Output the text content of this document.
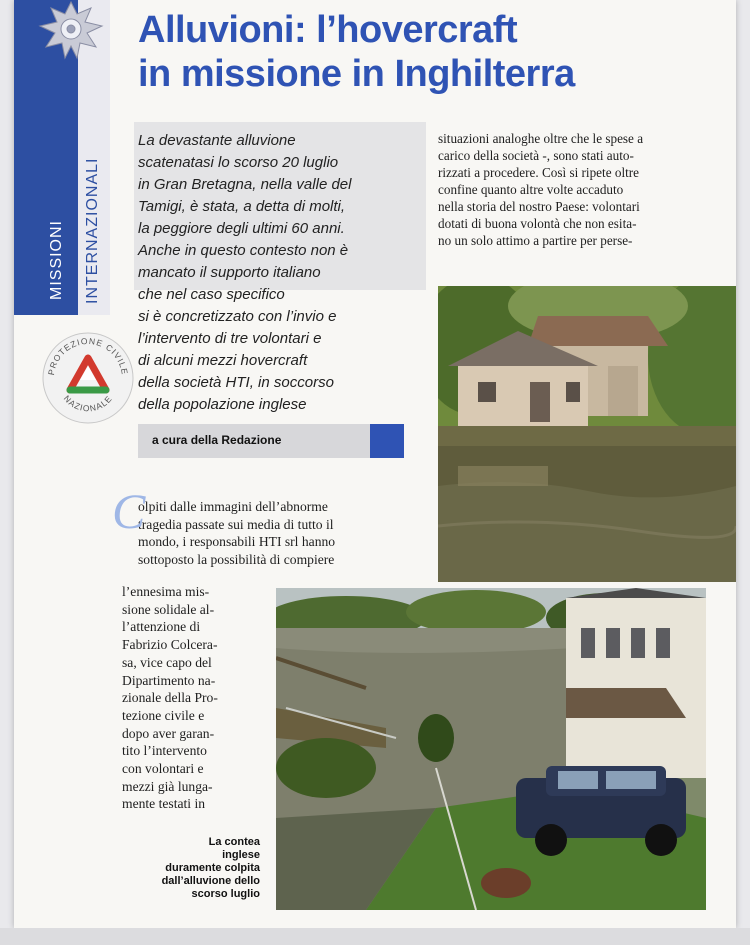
MISSIONI INTERNAZIONALI
Alluvioni: l’hovercraft
in missione in Inghilterra
La devastante alluvione
scatenatasi lo scorso 20 luglio
in Gran Bretagna, nella valle del
Tamigi, è stata, a detta di molti,
la peggiore degli ultimi 60 anni.
Anche in questo contesto non è
mancato il supporto italiano
che nel caso specifico
si è concretizzato con l’invio e
l’intervento di tre volontari e
di alcuni mezzi hovercraft
della società HTI, in soccorso
della popolazione inglese
PROTEZIONE CIVILE
NAZIONALE
a cura della Redazione
situazioni analoghe oltre che le spese a
carico della società -, sono stati auto-
rizzati a procedere. Così si ripete oltre
confine quanto altre volte accaduto
nella storia del nostro Paese: volontari
dotati di buona volontà che non esita-
no un solo attimo a partire per perse-
olpiti dalle immagini dell’abnorme
tragedia passate sui media di tutto il
mondo, i responsabili HTI srl hanno
sottoposto la possibilità di compiere
C
l’ennesima mis-
sione solidale al-
l’attenzione di
Fabrizio Colcera-
sa, vice capo del
Dipartimento na-
zionale della Pro-
tezione civile e
dopo aver garan-
tito l’intervento
con volontari e
mezzi già lunga-
mente testati in
La contea
inglese
duramente colpita
dall’alluvione dello
scorso luglio
